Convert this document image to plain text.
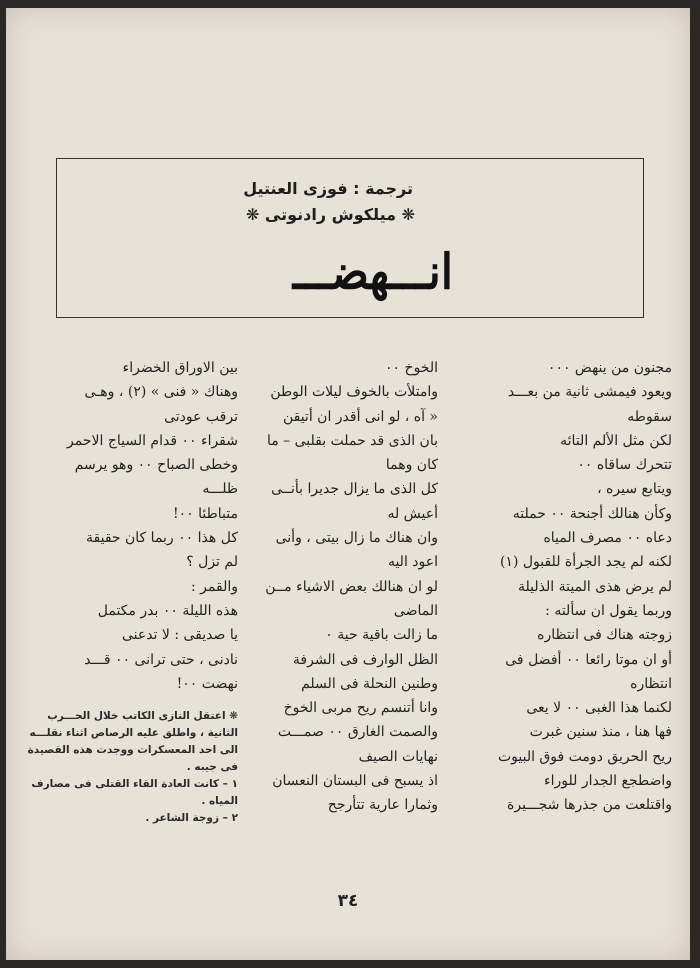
ترجمة : فوزى العنتيل
❋ ميلكوش رادنوتى ❋
انـــهضـــ
مجنون من ينهض ٠٠٠
ويعود فيمشى ثانية من بعـــد
سقوطه
لكن مثل الألم التائه
تتحرك ساقاه ٠٠
ويتابع سيره ،
وكأن هنالك أجنحة ٠٠ حملته
دعاه ٠٠ مصرف المياه
لكنه لم يجد الجرأة للقبول (١)
لم يرض هذى الميتة الذليلة
وربما يقول ان سألته :
زوجته هناك فى انتظاره
أو ان موتا رائعا ٠٠ أفضل فى
انتظاره
لكنما هذا الغبى ٠٠ لا يعى
فها هنا ، منذ سنين غبرت
ريح الحريق دومت فوق البيوت
واضطجع الجدار للوراء
واقتلعت من جذرها شجـــيرة
الخوخ ٠٠
وامتلأت بالخوف ليلات الوطن
« آه ، لو انى أقدر ان أتيقن
بان الذى قد حملت بقلبى – ما
كان وهما
كل الذى ما يزال جديرا بأنــى
أعيش له
وان هناك ما زال بيتى ، وأنى
اعود اليه
لو ان هنالك بعض الاشياء مــن
الماضى
ما زالت باقية حية ٠
الظل الوارف فى الشرفة
وطنين النحلة فى السلم
وانا أتنسم ريح مربى الخوخ
والصمت الغارق ٠٠ صمـــت
نهايات الصيف
اذ يسبح فى البستان النعسان
وثمارا عارية تتأرجح
بين الاوراق الخضراء
وهناك « فنى » (٢) ، وهـى
ترقب عودتى
شقراء ٠٠ قدام السياج الاحمر
وخطى الصباح ٠٠ وهو يرسم
ظلـــه
متباطئا ٠٠!
كل هذا ٠٠ ربما كان حقيقة
لم تزل ؟
والقمر :
هذه الليلة ٠٠ بدر مكتمل
يا صديقى : لا تدعنى
نادنى ، حتى ترانى ٠٠ قـــد
نهضت ٠٠!
❋ اعتقل النازى الكاتب خلال الحـــرب الثانية ، واطلق عليه الرصاص اثناء نقلـــه الى احد المعسكرات ووجدت هذه القصيدة فى جيبه .
١ – كانت العادة القاء القتلى فى مصارف المياه .
٢ – زوجة الشاعر .
٣٤
